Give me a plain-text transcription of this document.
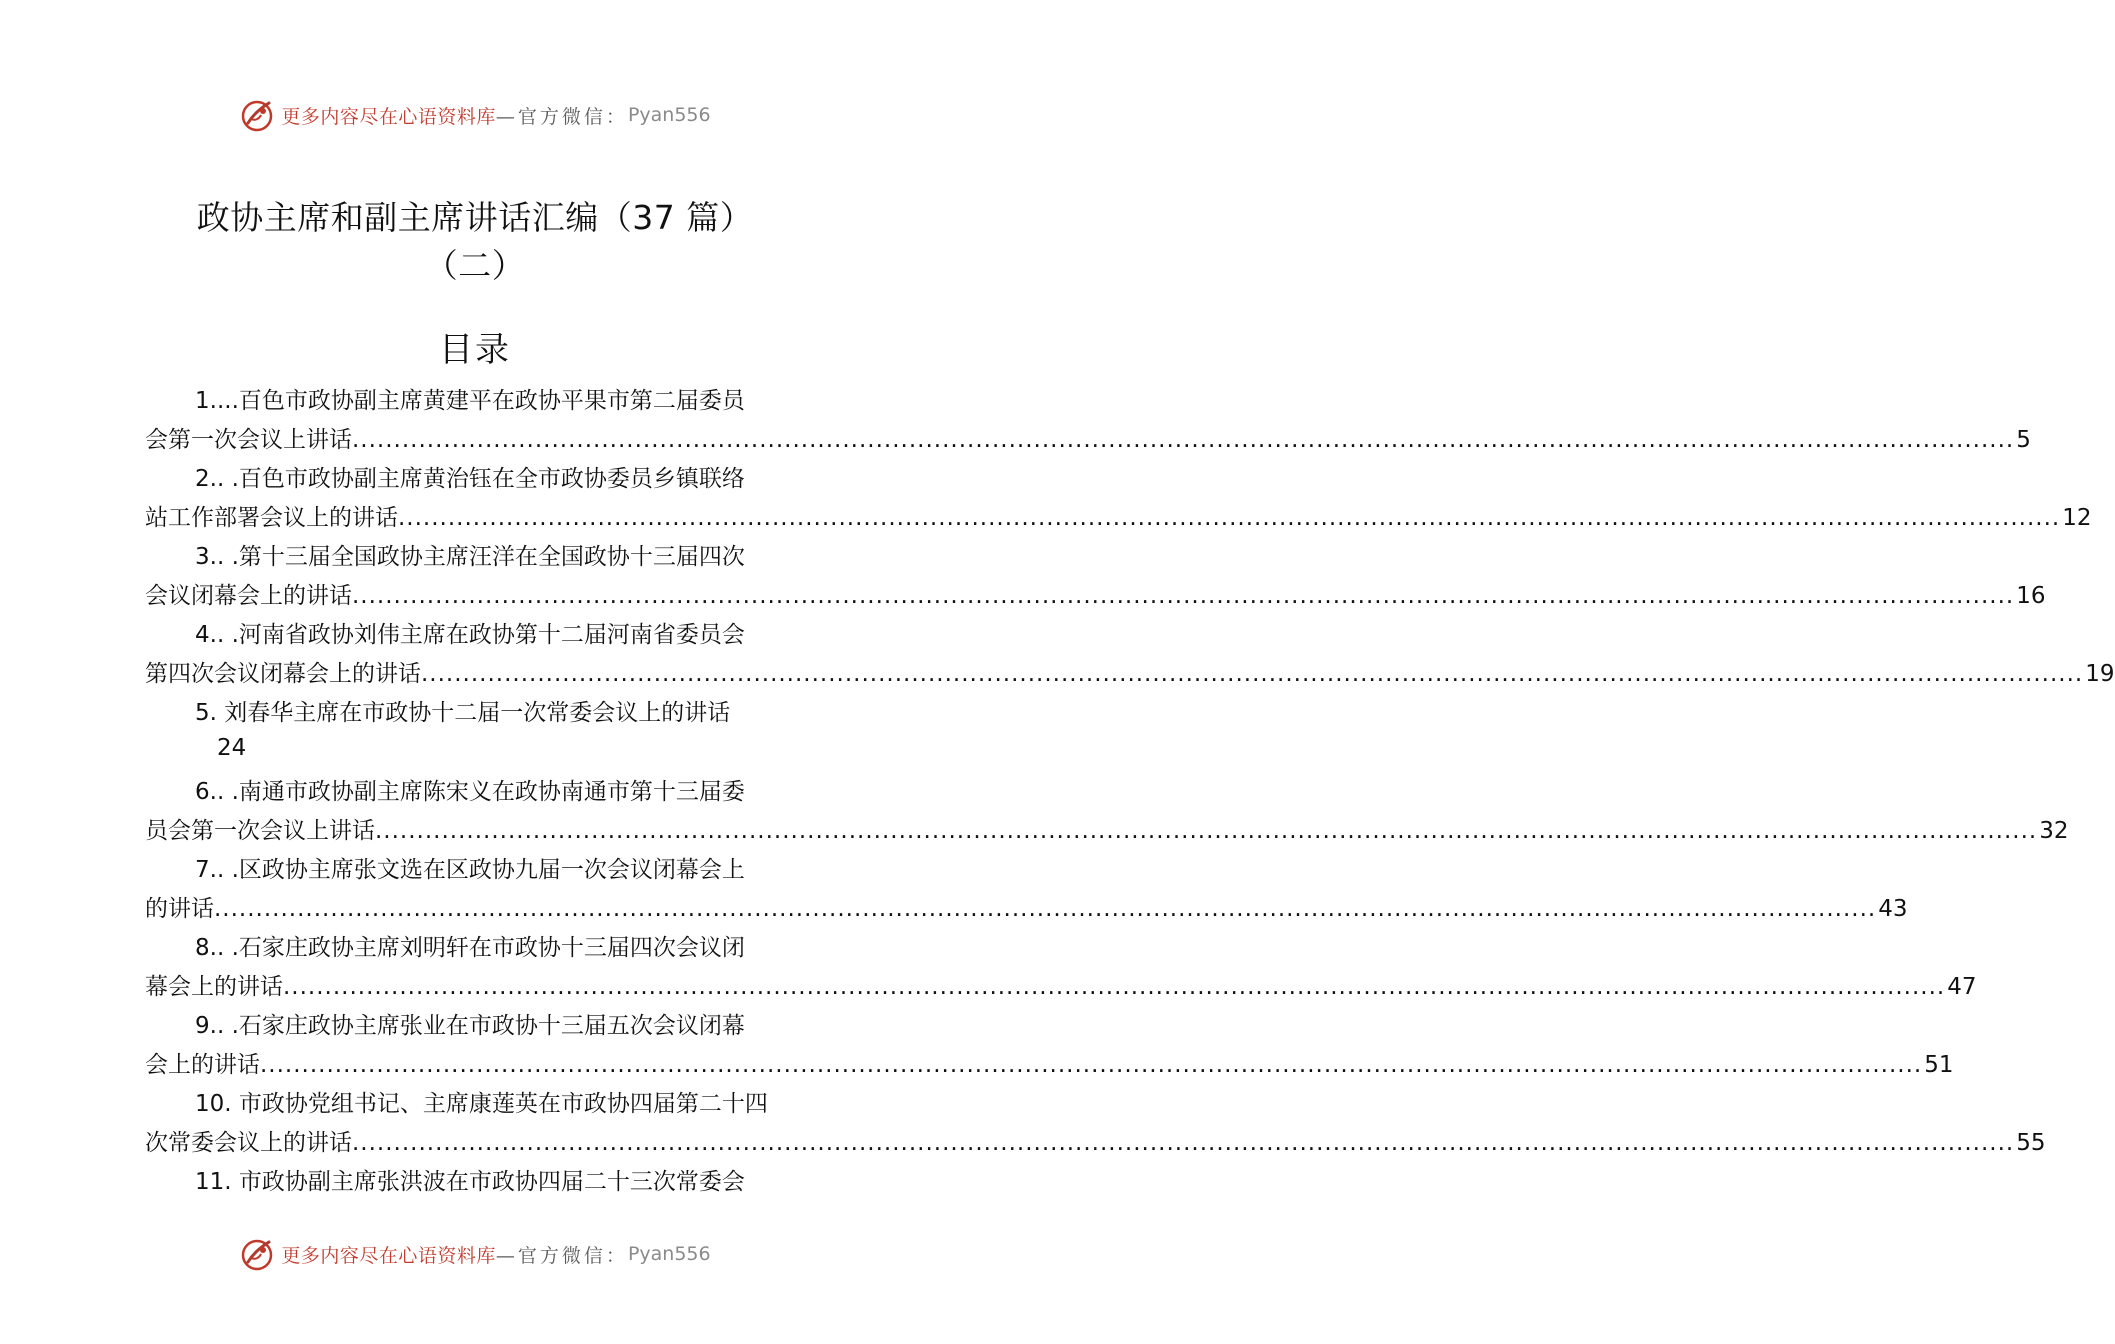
更多内容尽在心语资料库 —官方微信： Pyan556
政协主席和副主席讲话汇编（37 篇）
（二）
目录
1....百色市政协副主席黄建平在政协平果市第二届委员
会第一次会议上讲话 ........................................................................................................................................................................................................ 5
2.. .百色市政协副主席黄治钰在全市政协委员乡镇联络
站工作部署会议上的讲话 ........................................................................................................................................................................................................ 12
3.. .第十三届全国政协主席汪洋在全国政协十三届四次
会议闭幕会上的讲话 ........................................................................................................................................................................................................ 16
4.. .河南省政协刘伟主席在政协第十二届河南省委员会
第四次会议闭幕会上的讲话 ........................................................................................................................................................................................................ 19
5. 刘春华主席在市政协十二届一次常委会议上的讲话
24
6.. .南通市政协副主席陈宋义在政协南通市第十三届委
员会第一次会议上讲话 ........................................................................................................................................................................................................ 32
7.. .区政协主席张文选在区政协九届一次会议闭幕会上
的讲话 ........................................................................................................................................................................................................ 43
8.. .石家庄政协主席刘明轩在市政协十三届四次会议闭
幕会上的讲话 ........................................................................................................................................................................................................ 47
9.. .石家庄政协主席张业在市政协十三届五次会议闭幕
会上的讲话 ........................................................................................................................................................................................................ 51
10. 市政协党组书记、主席康莲英在市政协四届第二十四
次常委会议上的讲话 ........................................................................................................................................................................................................ 55
11. 市政协副主席张洪波在市政协四届二十三次常委会
更多内容尽在心语资料库 —官方微信： Pyan556
